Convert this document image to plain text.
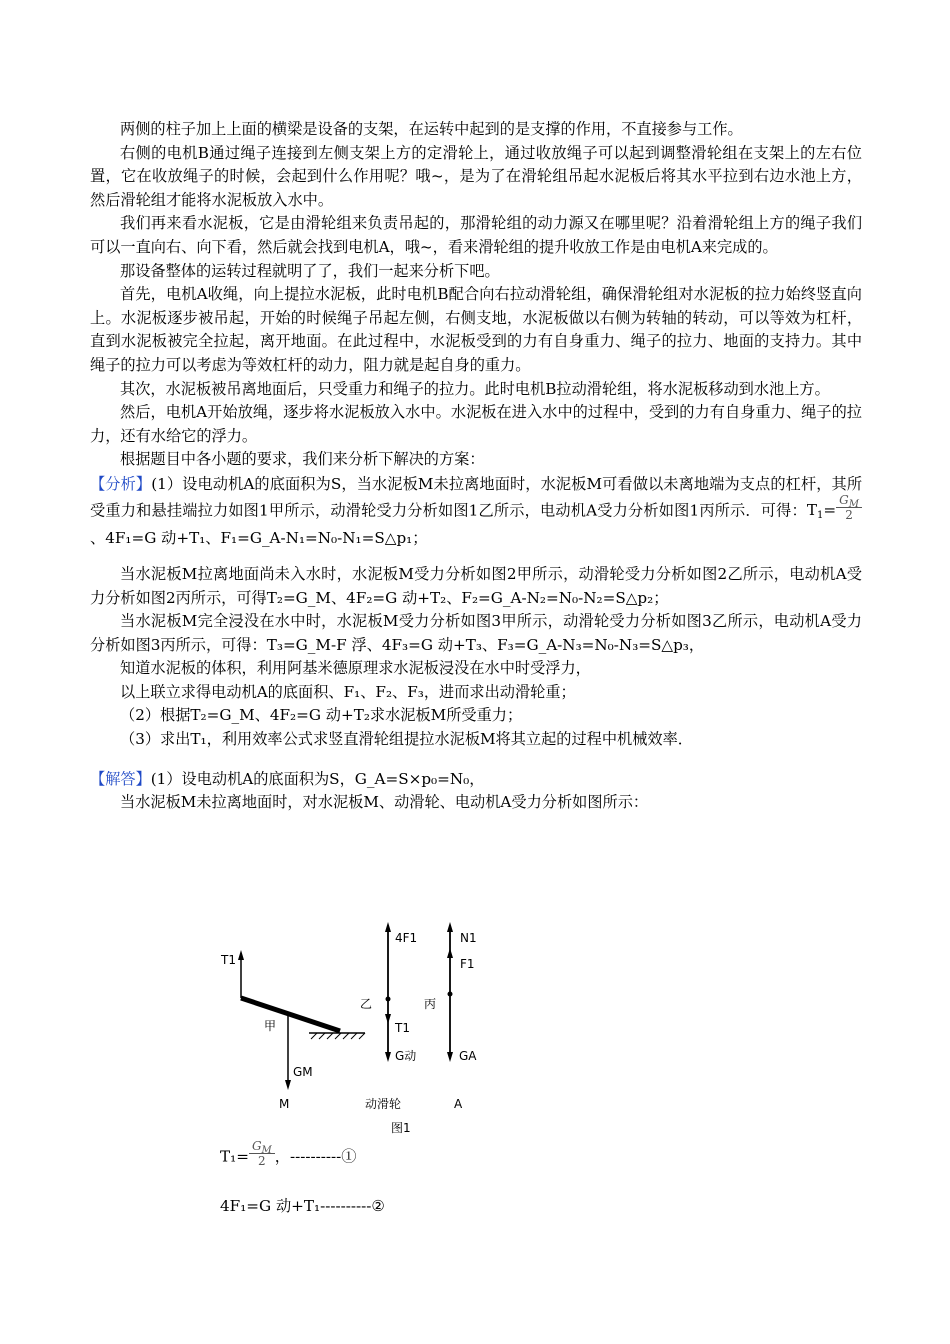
两侧的柱子加上上面的横梁是设备的支架，在运转中起到的是支撑的作用，不直接参与工作。

右侧的电机B通过绳子连接到左侧支架上方的定滑轮上，通过收放绳子可以起到调整滑轮组在支架上的左右位置，它在收放绳子的时候，会起到什么作用呢？哦~，是为了在滑轮组吊起水泥板后将其水平拉到右边水池上方，然后滑轮组才能将水泥板放入水中。

我们再来看水泥板，它是由滑轮组来负责吊起的，那滑轮组的动力源又在哪里呢？沿着滑轮组上方的绳子我们可以一直向右、向下看，然后就会找到电机A，哦~，看来滑轮组的提升收放工作是由电机A来完成的。

那设备整体的运转过程就明了了，我们一起来分析下吧。

首先，电机A收绳，向上提拉水泥板，此时电机B配合向右拉动滑轮组，确保滑轮组对水泥板的拉力始终竖直向上。水泥板逐步被吊起，开始的时候绳子吊起左侧，右侧支地，水泥板做以右侧为转轴的转动，可以等效为杠杆，直到水泥板被完全拉起，离开地面。在此过程中，水泥板受到的力有自身重力、绳子的拉力、地面的支持力。其中绳子的拉力可以考虑为等效杠杆的动力，阻力就是起自身的重力。

其次，水泥板被吊离地面后，只受重力和绳子的拉力。此时电机B拉动滑轮组，将水泥板移动到水池上方。

然后，电机A开始放绳，逐步将水泥板放入水中。水泥板在进入水中的过程中，受到的力有自身重力、绳子的拉力，还有水给它的浮力。

根据题目中各小题的要求，我们来分析下解决的方案：

【分析】(1）设电动机A的底面积为S，当水泥板M未拉离地面时，水泥板M可看做以未离地端为支点的杠杆，其所受重力和悬挂端拉力如图1甲所示，动滑轮受力分析如图1乙所示，电动机A受力分析如图1丙所示．可得：$T_1= \frac{G_M}{2}$
、4F₁=G 动+T₁、F₁=G_A-N₁=N₀-N₁=S△p₁；

当水泥板M拉离地面尚未入水时，水泥板M受力分析如图2甲所示，动滑轮受力分析如图2乙所示，电动机A受力分析如图2丙所示，可得T₂=G_M、4F₂=G 动+T₂、F₂=G_A-N₂=N₀-N₂=S△p₂；

当水泥板M完全浸没在水中时，水泥板M受力分析如图3甲所示，动滑轮受力分析如图3乙所示，电动机A受力分析如图3丙所示，可得：T₃=G_M-F 浮、4F₃=G 动+T₃、F₃=G_A-N₃=N₀-N₃=S△p₃，

知道水泥板的体积，利用阿基米德原理求水泥板浸没在水中时受浮力，

以上联立求得电动机A的底面积、F₁、F₂、F₃，进而求出动滑轮重；

（2）根据T₂=G_M、4F₂=G 动+T₂求水泥板M所受重力；

（3）求出T₁，利用效率公式求竖直滑轮组提拉水泥板M将其立起的过程中机械效率．

【解答】(1）设电动机A的底面积为S，G_A=S×p₀=N₀，

当水泥板M未拉离地面时，对水泥板M、动滑轮、电动机A受力分析如图所示：

T1
甲
GM
M
4F1
T1
G动
乙
动滑轮
N1
F1
GA
丙
A
图1
$T_1= \frac{G_M}{2}$ ，----------①
4F₁=G 动+T₁----------②
